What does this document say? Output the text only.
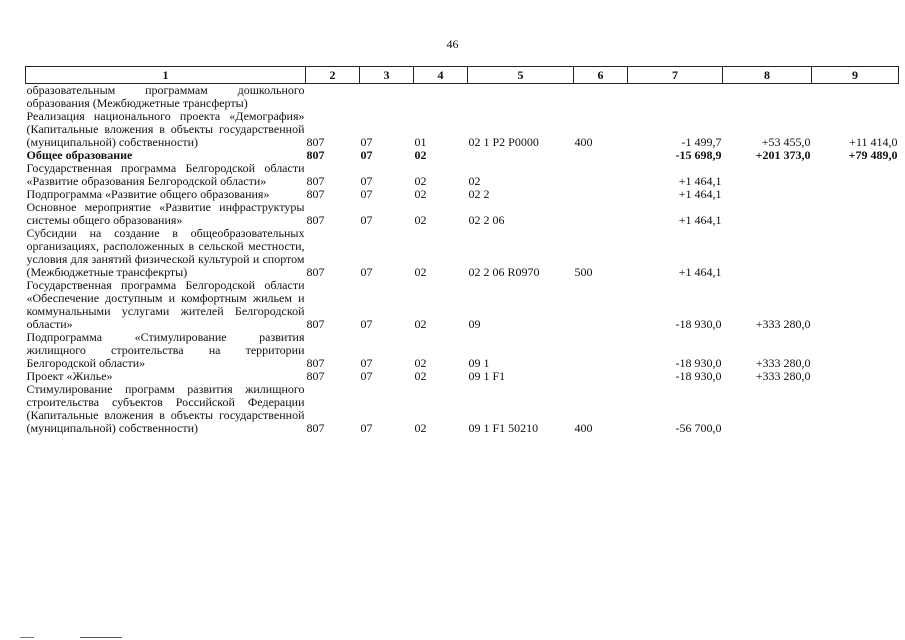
46
1	2	3	4	5	6	7	8	9
образовательным программам дошкольного образования (Межбюджетные трансферты)								
Реализация национального проекта «Демография» (Капитальные вложения в объекты государственной (муниципальной) собственности)	807	07	01	02 1 P2 P0000	400	-1 499,7	+53 455,0	+11 414,0
Общее образование	807	07	02			-15 698,9	+201 373,0	+79 489,0
Государственная программа Белгородской области «Развитие образования Белгородской области»	807	07	02	02		+1 464,1		
Подпрограмма «Развитие общего образования»	807	07	02	02 2		+1 464,1		
Основное мероприятие «Развитие инфраструктуры системы общего образования»	807	07	02	02 2 06		+1 464,1		
Субсидии на создание в общеобразовательных организациях, расположенных в сельской местности, условия для занятий физической культурой и спортом (Межбюджетные трансфекрты)	807	07	02	02 2 06 R0970	500	+1 464,1		
Государственная программа Белгородской области «Обеспечение доступным и комфортным жильем и коммунальными услугами жителей Белгородской области»	807	07	02	09		-18 930,0	+333 280,0	
Подпрограмма «Стимулирование развития жилищного строительства на территории Белгородской области»	807	07	02	09 1		-18 930,0	+333 280,0	
Проект «Жилье»	807	07	02	09 1 F1		-18 930,0	+333 280,0	
Стимулирование программ развития жилищного строительства субъектов Российской Федерации (Капитальные вложения в объекты государственной (муниципальной) собственности)	807	07	02	09 1 F1 50210	400	-56 700,0		
